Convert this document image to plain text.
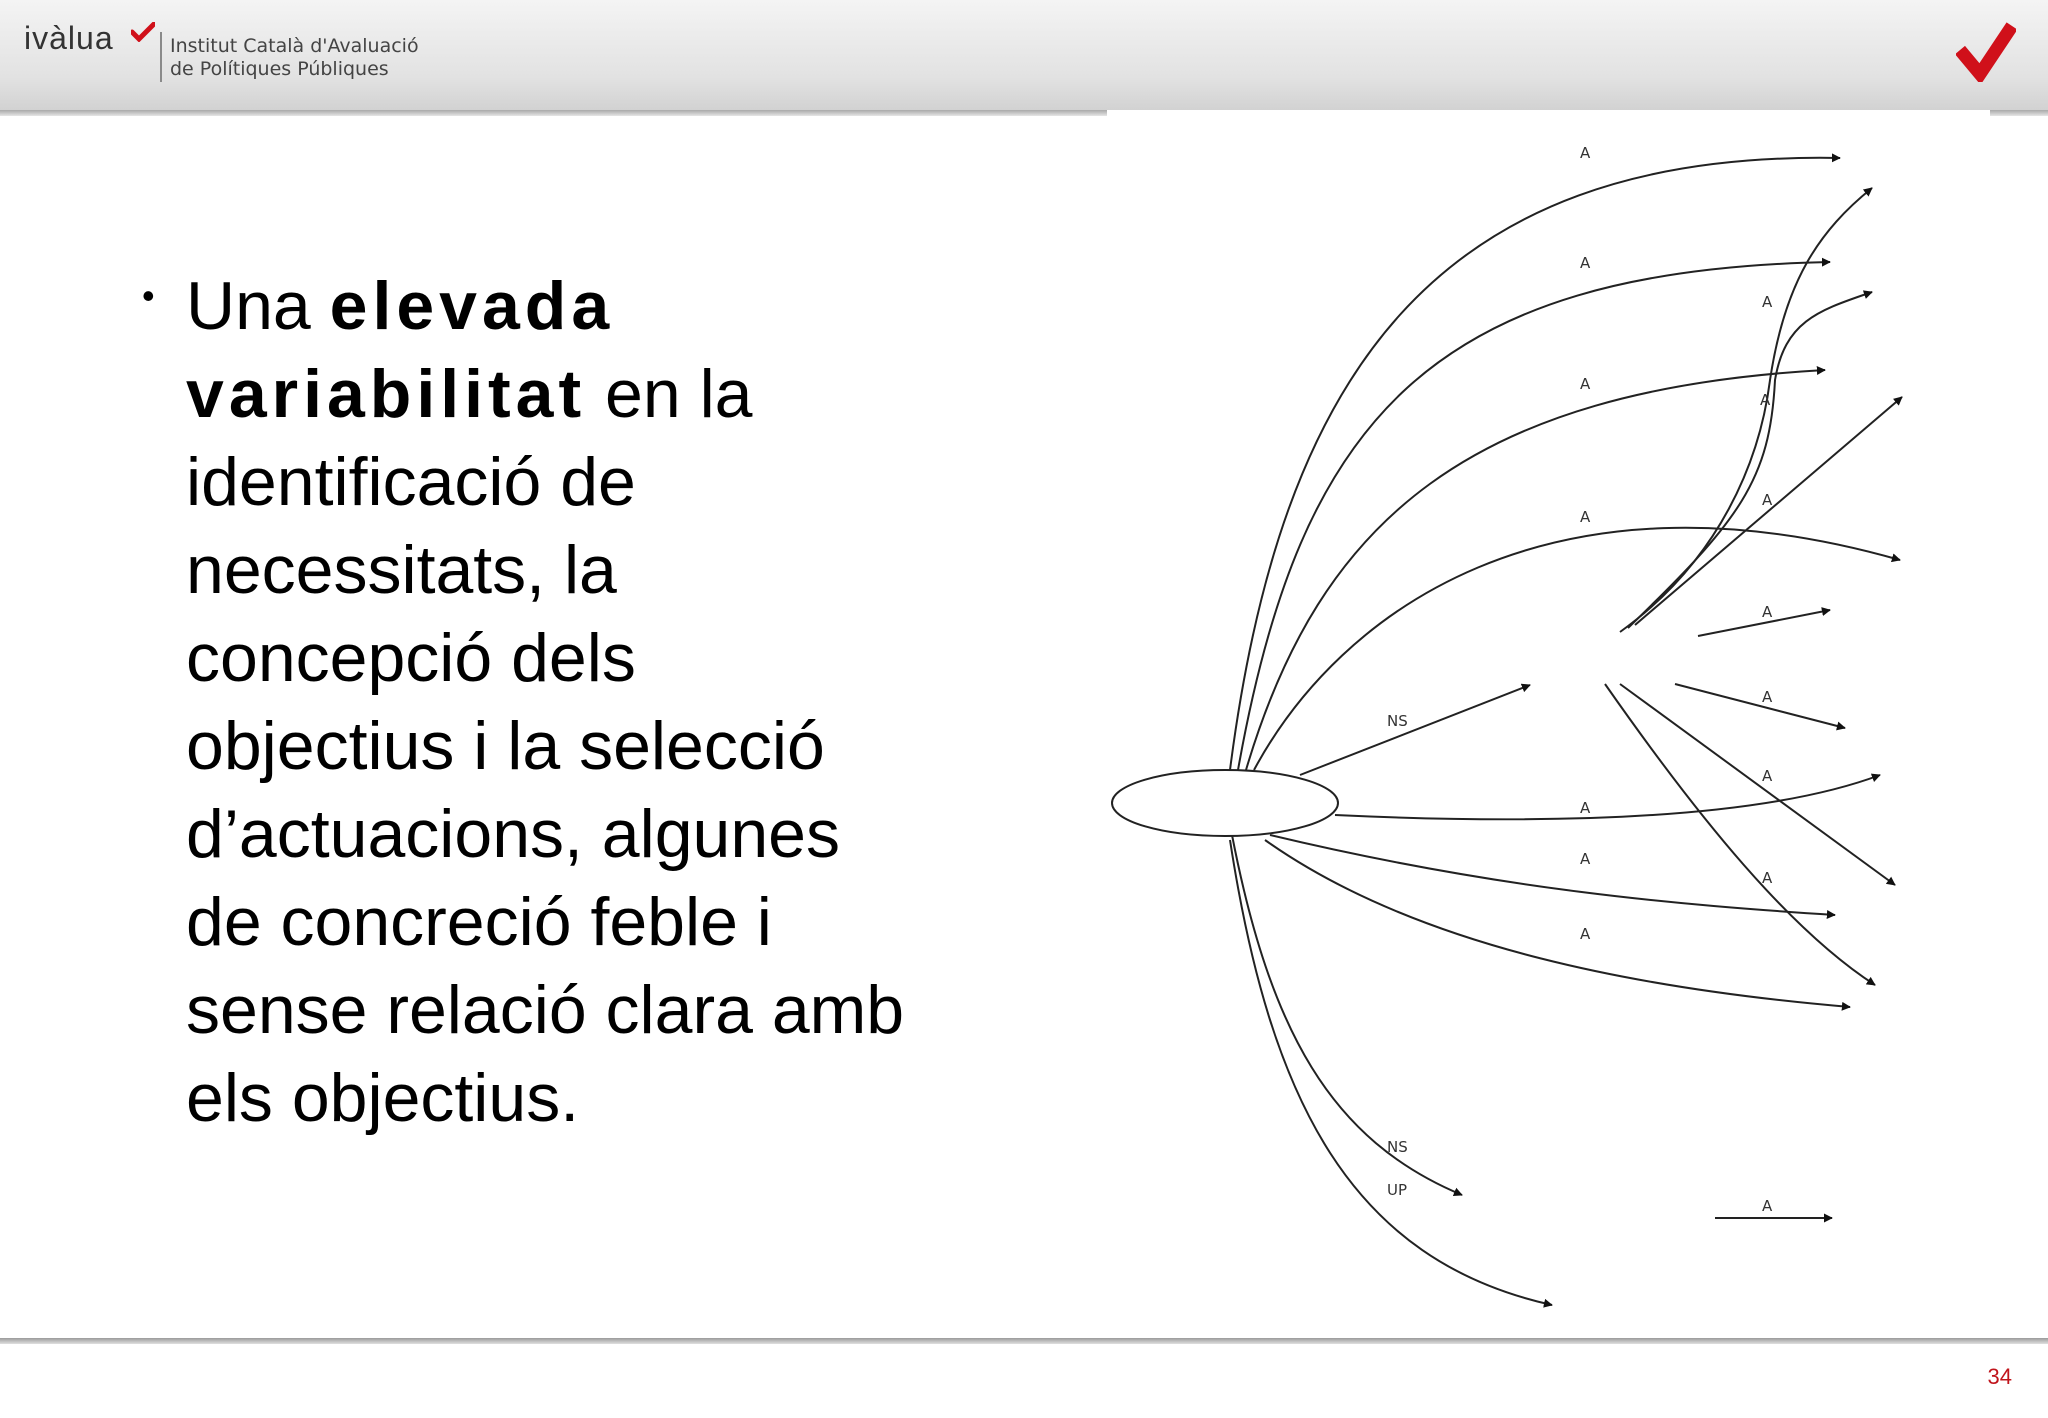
ivàlua	Institut Català d'Avaluació
de Polítiques Públiques
• Una elevada variabilitat en la
identificació de
necessitats, la
concepció dels
objectius i la selecció
d’actuacions, algunes
de concreció feble i
sense relació clara amb
els objectius.
A
A
A
A
A
A
A
A
A
A
A
A
A
A
A
NS
NS
UP
34
